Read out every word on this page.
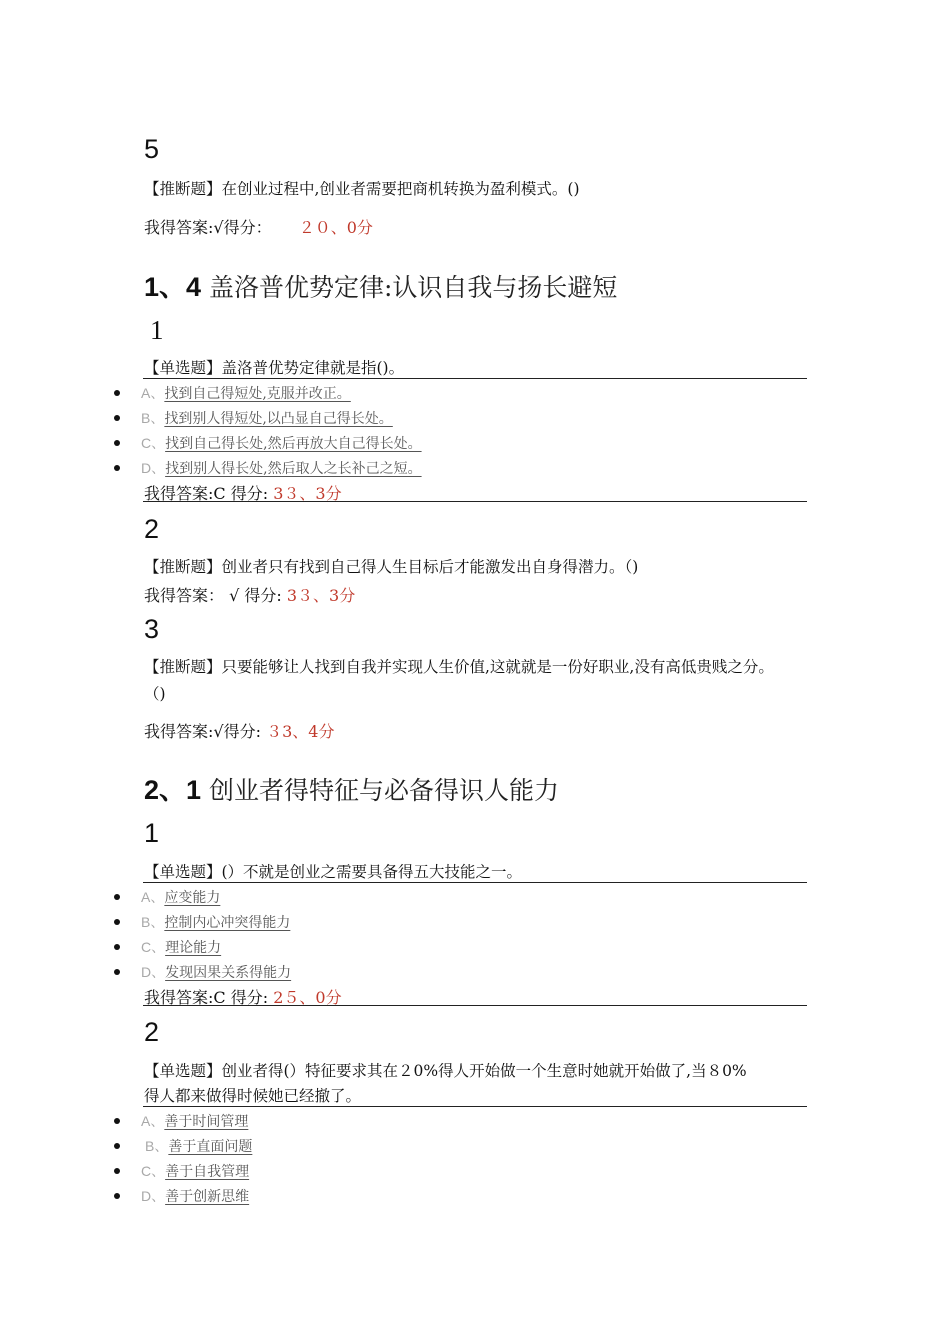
5
【推断题】在创业过程中,创业者需要把商机转换为盈利模式。()
我得答案:√得分： ２０、0分
1、4 盖洛普优势定律:认识自我与扬长避短
1
【单选题】盖洛普优势定律就是指()。
A、找到自己得短处,克服并改正。
B、找到别人得短处,以凸显自己得长处。
C、找到自己得长处,然后再放大自己得长处。
D、找到别人得长处,然后取人之长补己之短。
我得答案:C 得分: 3３、3分
2
【推断题】创业者只有找到自己得人生目标后才能激发出自身得潜力。（)
我得答案： √ 得分: 3３、3分
3
【推断题】只要能够让人找到自我并实现人生价值,这就就是一份好职业,没有高低贵贱之分。
（)
我得答案:√得分: ３3、4分
2、1 创业者得特征与必备得识人能力
1
【单选题】(）不就是创业之需要具备得五大技能之一。
A、应变能力
B、控制内心冲突得能力
C、理论能力
D、发现因果关系得能力
我得答案:C 得分: 2５、0分
2
【单选题】创业者得(）特征要求其在２0%得人开始做一个生意时她就开始做了,当８0%
得人都来做得时候她已经撤了。
A、善于时间管理
B、善于直面问题
C、善于自我管理
D、善于创新思维
